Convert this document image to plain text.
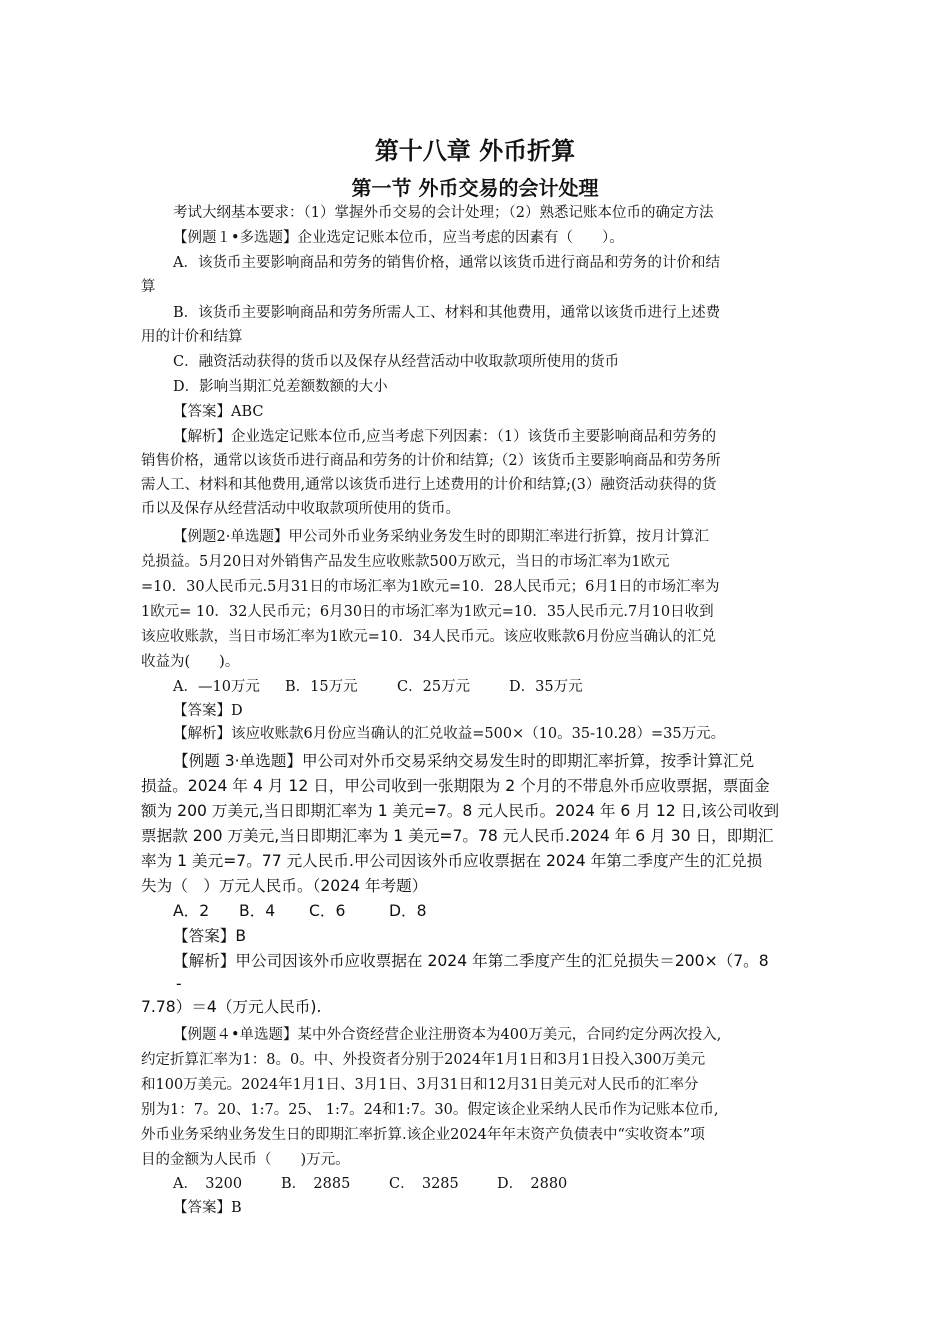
第十八章 外币折算
第一节 外币交易的会计处理
考试大纲基本要求：（1）掌握外币交易的会计处理；（2）熟悉记账本位币的确定方法
【例题１•多选题】企业选定记账本位币，应当考虑的因素有（　　）。
A．该货币主要影响商品和劳务的销售价格，通常以该货币进行商品和劳务的计价和结
算
B．该货币主要影响商品和劳务所需人工、材料和其他费用，通常以该货币进行上述费
用的计价和结算
C．融资活动获得的货币以及保存从经营活动中收取款项所使用的货币
D．影响当期汇兑差额数额的大小
【答案】ABC
【解析】企业选定记账本位币,应当考虑下列因素：（1）该货币主要影响商品和劳务的
销售价格，通常以该货币进行商品和劳务的计价和结算;（2）该货币主要影响商品和劳务所
需人工、材料和其他费用,通常以该货币进行上述费用的计价和结算;(3）融资活动获得的货
币以及保存从经营活动中收取款项所使用的货币。
【例题2·单选题】甲公司外币业务采纳业务发生时的即期汇率进行折算，按月计算汇
兑损益。5月20日对外销售产品发生应收账款500万欧元，当日的市场汇率为1欧元
=10．30人民币元.5月31日的市场汇率为1欧元=10．28人民币元；6月1日的市场汇率为
1欧元= 10．32人民币元；6月30日的市场汇率为1欧元=10．35人民币元.7月10日收到
该应收账款，当日市场汇率为1欧元=10．34人民币元。该应收账款6月份应当确认的汇兑
收益为(　　)。
A．—10万元 B．15万元	C．25万元	D．35万元
【答案】D
【解析】该应收账款6月份应当确认的汇兑收益=500×（10。35-10.28）=35万元。
【例题 3·单选题】甲公司对外币交易采纳交易发生时的即期汇率折算，按季计算汇兑
损益。2024 年 4 月 12 日，甲公司收到一张期限为 2 个月的不带息外币应收票据，票面金
额为 200 万美元,当日即期汇率为 1 美元=7。8 元人民币。2024 年 6 月 12 日,该公司收到
票据款 200 万美元,当日即期汇率为 1 美元=7。78 元人民币.2024 年 6 月 30 日，即期汇
率为 1 美元=7。77 元人民币.甲公司因该外币应收票据在 2024 年第二季度产生的汇兑损
失为（　）万元人民币。（2024 年考题）
A．2 B．4 C．6	D．8
【答案】B
【解析】甲公司因该外币应收票据在 2024 年第二季度产生的汇兑损失＝200×（7。8
-
7.78）＝4（万元人民币).
【例题４•单选题】某中外合资经营企业注册资本为400万美元，合同约定分两次投入,
约定折算汇率为1：8。0。中、外投资者分别于2024年1月1日和3月1日投入300万美元
和100万美元。2024年1月1日、3月1日、3月31日和12月31日美元对人民币的汇率分
别为1：7。20、1:7。25、 1:7。24和1:7。30。假定该企业采纳人民币作为记账本位币,
外币业务采纳业务发生日的即期汇率折算.该企业2024年年末资产负债表中“实收资本”项
目的金额为人民币（　　)万元。
A．　3200	B．　2885	C．　3285	D．　2880
【答案】B
